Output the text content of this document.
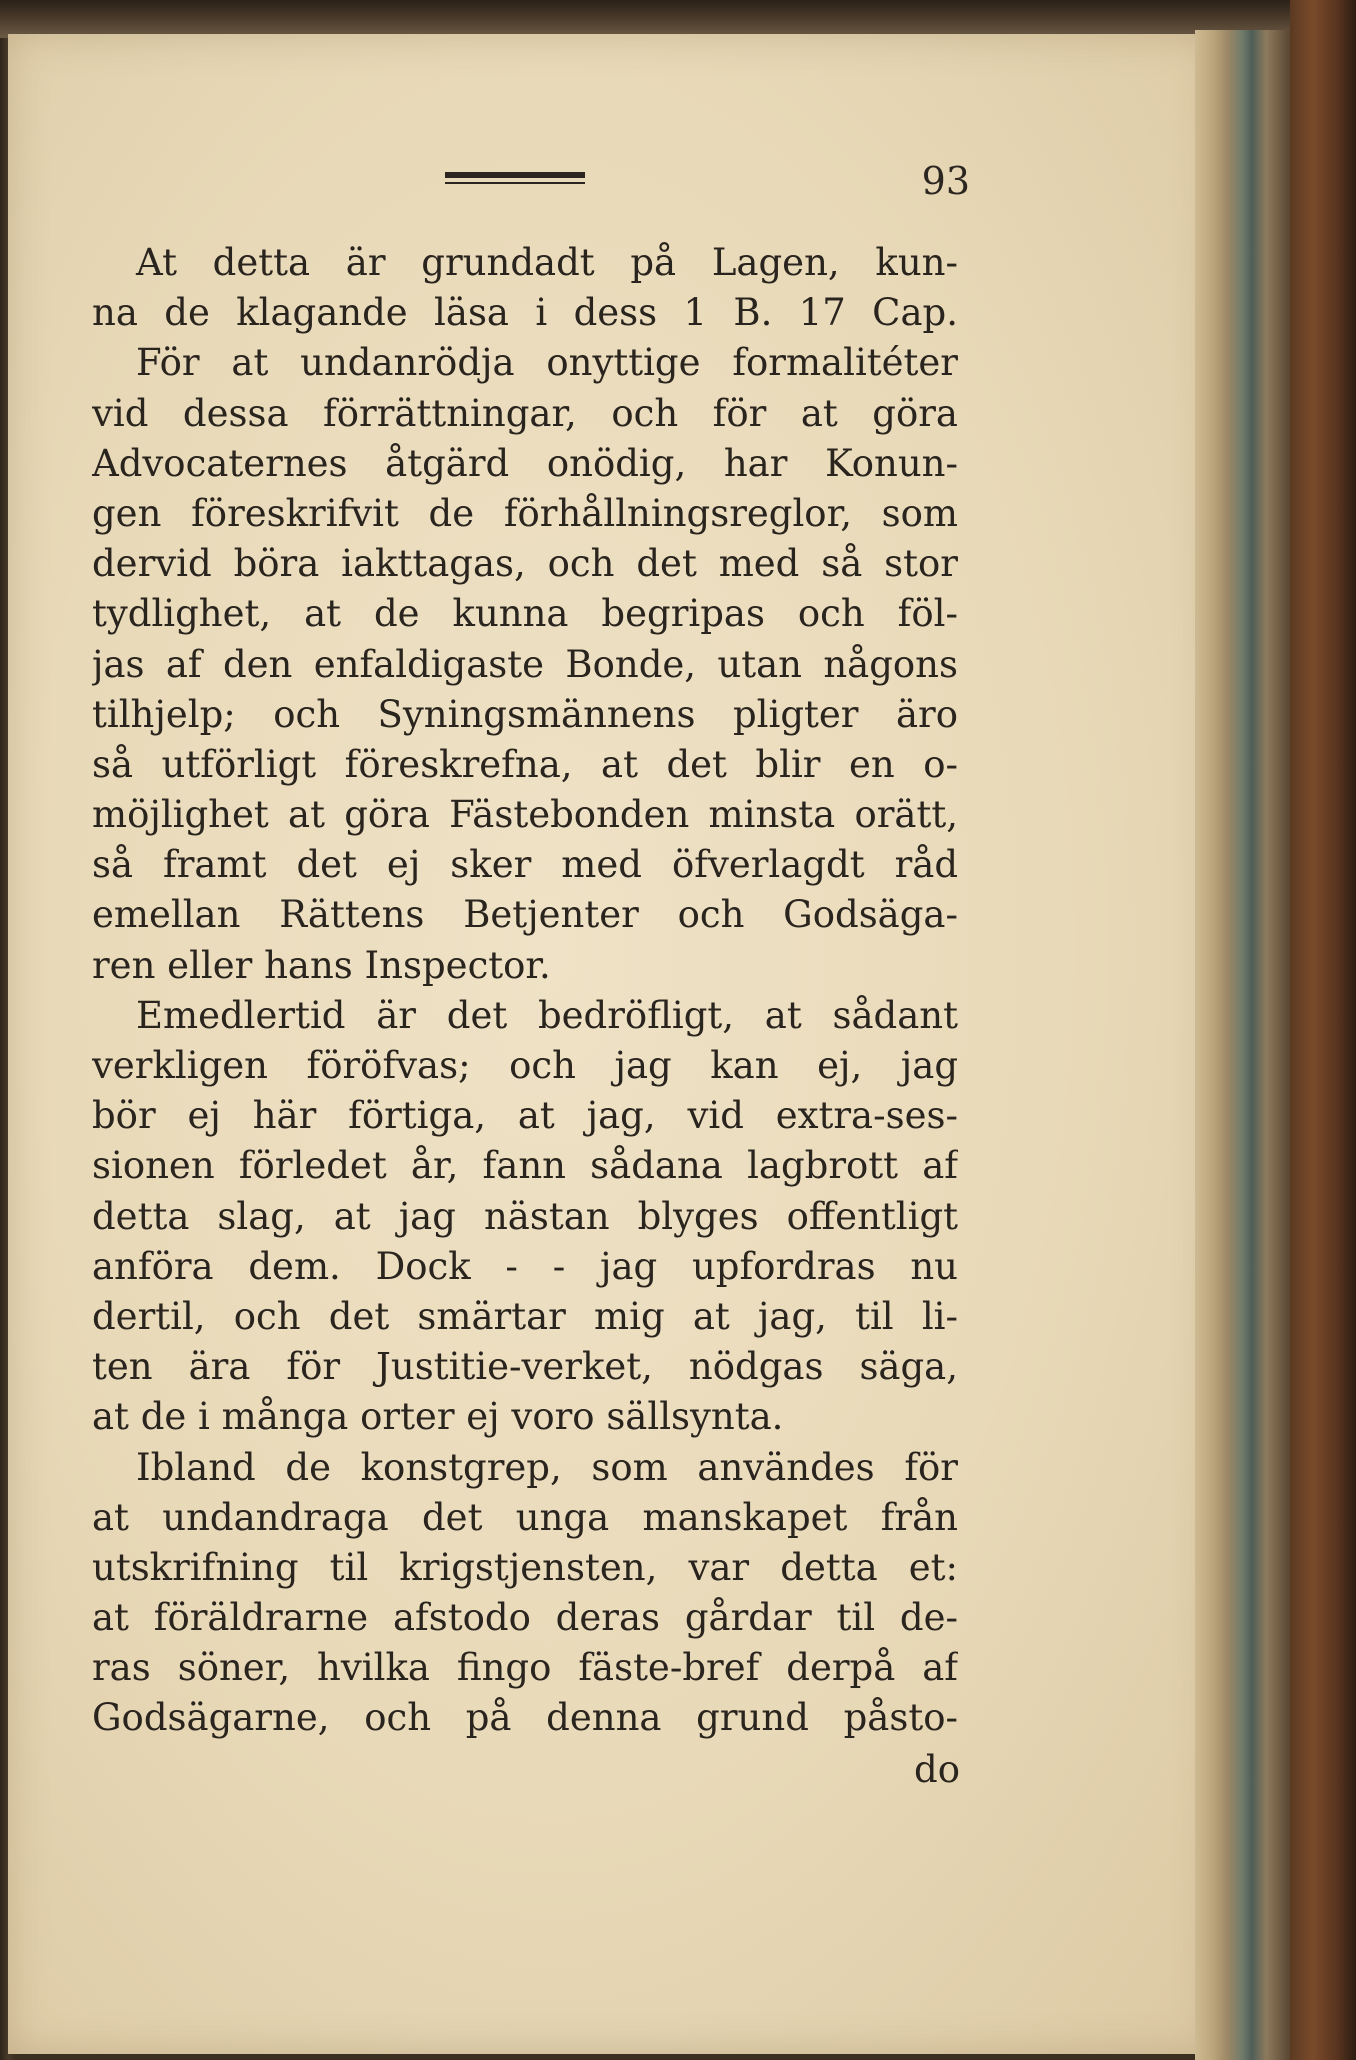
93
At detta är grundadt på Lagen, kun-
na de klagande läsa i dess 1 B. 17 Cap.
För at undanrödja onyttige formalitéter
vid dessa förrättningar, och för at göra
Advocaternes åtgärd onödig, har Konun-
gen föreskrifvit de förhållningsreglor, som
dervid böra iakttagas, och det med så stor
tydlighet, at de kunna begripas och föl-
jas af den enfaldigaste Bonde, utan någons
tilhjelp; och Syningsmännens pligter äro
så utförligt föreskrefna, at det blir en o-
möjlighet at göra Fästebonden minsta orätt,
så framt det ej sker med öfverlagdt råd
emellan Rättens Betjenter och Godsäga-
ren eller hans Inspector.
Emedlertid är det bedröfligt, at sådant
verkligen föröfvas; och jag kan ej, jag
bör ej här förtiga, at jag, vid extra-ses-
sionen förledet år, fann sådana lagbrott af
detta slag, at jag nästan blyges offentligt
anföra dem. Dock - - jag upfordras nu
dertil, och det smärtar mig at jag, til li-
ten ära för Justitie-verket, nödgas säga,
at de i många orter ej voro sällsynta.
Ibland de konstgrep, som användes för
at undandraga det unga manskapet från
utskrifning til krigstjensten, var detta et:
at föräldrarne afstodo deras gårdar til de-
ras söner, hvilka fingo fäste-bref derpå af
Godsägarne, och på denna grund påsto-
do
